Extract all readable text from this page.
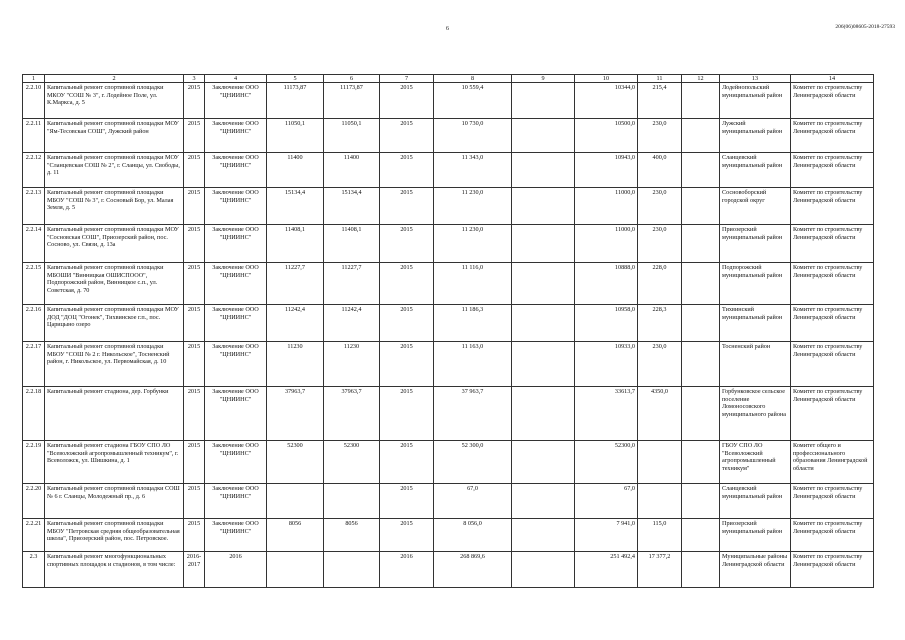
6	206(06)08605-2018-27593
1	2	3	4	5	6	7	8	9	10	11	12	13	14
2.2.10	Капитальный ремонт спортивной площадки МКОУ "СОШ № 3", г. Лодейное Поле, ул. К.Маркса, д. 5	2015	Заключение ООО "ЦНИИНС"	11173,87	11173,87	2015	10 559,4		10344,0	215,4		Лодейнопольский муниципальный район	Комитет по строительству Ленинградской области
2.2.11	Капитальный ремонт спортивной площадки МОУ "Ям-Тесовская СОШ", Лужский район	2015	Заключение ООО "ЦНИИНС"	11050,1	11050,1	2015	10 730,0		10500,0	230,0		Лужский муниципальный район	Комитет по строительству Ленинградской области
2.2.12	Капитальный ремонт спортивной площадки МОУ "Сланцевская СОШ № 2", г. Сланцы, ул. Свободы, д. 11	2015	Заключение ООО "ЦНИИНС"	11400	11400	2015	11 343,0		10943,0	400,0		Сланцевский муниципальный район	Комитет по строительству Ленинградской области
2.2.13	Капитальный ремонт спортивной площадки МБОУ "СОШ № 3", г. Сосновый Бор, ул. Малая Земля, д. 5	2015	Заключение ООО "ЦНИИНС"	15134,4	15134,4	2015	11 230,0		11000,0	230,0		Сосновоборский городской округ	Комитет по строительству Ленинградской области
2.2.14	Капитальный ремонт спортивной площадки МОУ "Сосновская СОШ", Приозерский район, пос. Сосново, ул. Связи, д. 13а	2015	Заключение ООО "ЦНИИНС"	11408,1	11408,1	2015	11 230,0		11000,0	230,0		Приозерский муниципальный район	Комитет по строительству Ленинградской области
2.2.15	Капитальный ремонт спортивной площадки МБОШИ "Винницкая ОШИСПООО", Подпорожский район, Винницкое с.п., ул. Советская, д. 70	2015	Заключение ООО "ЦНИИНС"	11227,7	11227,7	2015	11 116,0		10888,0	228,0		Подпорожский муниципальный район	Комитет по строительству Ленинградской области
2.2.16	Капитальный ремонт спортивной площадки МОУ ДОД "ДОЦ "Огонек", Тихвинское г.п., пос. Царицыно озеро	2015	Заключение ООО "ЦНИИНС"	11242,4	11242,4	2015	11 186,3		10958,0	228,3		Тихвинский муниципальный район	Комитет по строительству Ленинградской области
2.2.17	Капитальный ремонт спортивной площадки МБОУ "СОШ № 2 г. Никольское", Тосненский район, г. Никольское, ул. Первомайская, д. 10	2015	Заключение ООО "ЦНИИНС"	11230	11230	2015	11 163,0		10933,0	230,0		Тосненский район	Комитет по строительству Ленинградской области
2.2.18	Капитальный ремонт стадиона, дер. Горбунки	2015	Заключение ООО "ЦНИИНС"	37963,7	37963,7	2015	37 963,7		33613,7	4350,0		Горбунковское сельское поселение Ломоносовского муниципального района	Комитет по строительству Ленинградской области
2.2.19	Капитальный ремонт стадиона ГБОУ СПО ЛО "Всеволожский агропромышленный техникум", г. Всеволожск, ул. Шишкина, д. 1	2015	Заключение ООО "ЦНИИНС"	52300	52300	2015	52 300,0		52300,0			ГБОУ СПО ЛО "Всеволожский агропромышленный техникум"	Комитет общего и профессионального образования Ленинградской области
2.2.20	Капитальный ремонт спортивной площадки СОШ № 6 г. Сланцы, Молодежный пр., д. 6	2015	Заключение ООО "ЦНИИНС"			2015	67,0		67,0			Сланцевский муниципальный район	Комитет по строительству Ленинградской области
2.2.21	Капитальный ремонт спортивной площадки МБОУ "Петровская средняя общеобразовательная школа", Приозерский район, пос. Петровское.	2015	Заключение ООО "ЦНИИНС"	8056	8056	2015	8 056,0		7 941,0	115,0		Приозерский муниципальный район	Комитет по строительству Ленинградской области
2.3	Капитальный ремонт многофункциональных спортивных площадок и стадионов, в том числе:	2016-2017	2016			2016	268 869,6		251 492,4	17 377,2		Муниципальные районы Ленинградской области	Комитет по строительству Ленинградской области
